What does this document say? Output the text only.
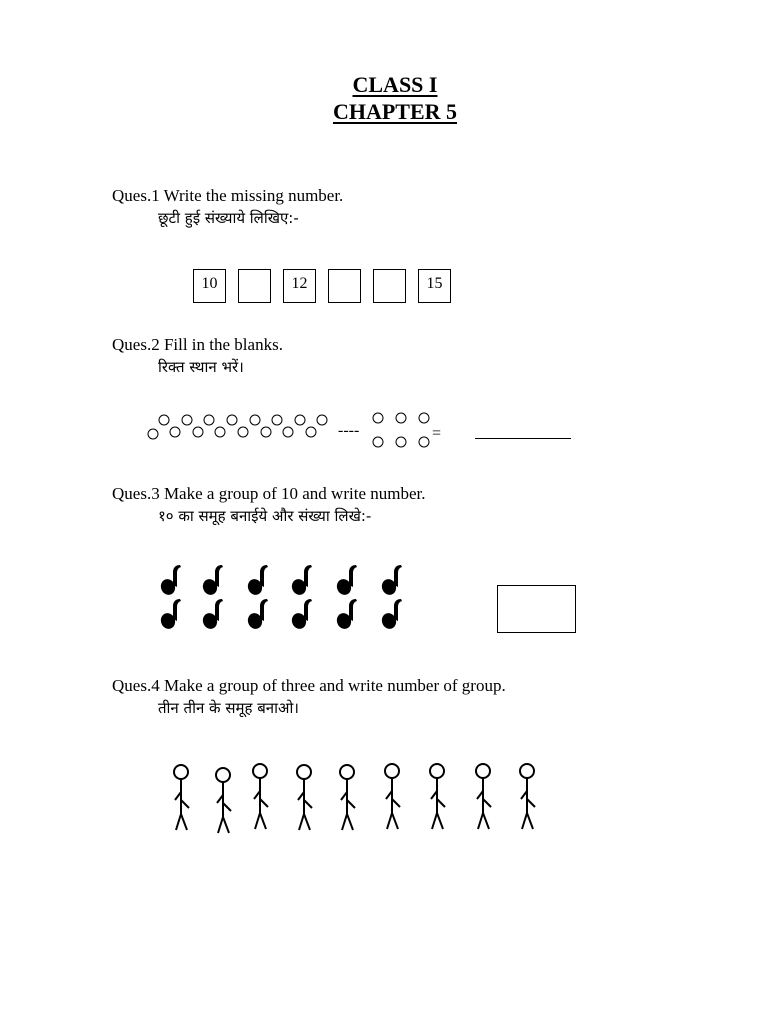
CLASS I
CHAPTER 5
Ques.1 Write the missing number.
छूटी हुई संख्याये लिखिए:-
10	12	15
Ques.2 Fill in the blanks.
रिक्त स्थान भरें।
----	=
Ques.3 Make a group of 10 and write number.
१० का समूह बनाईये और संख्या लिखे:-
Ques.4 Make a group of three and write number of group.
तीन तीन के समूह बनाओ।
